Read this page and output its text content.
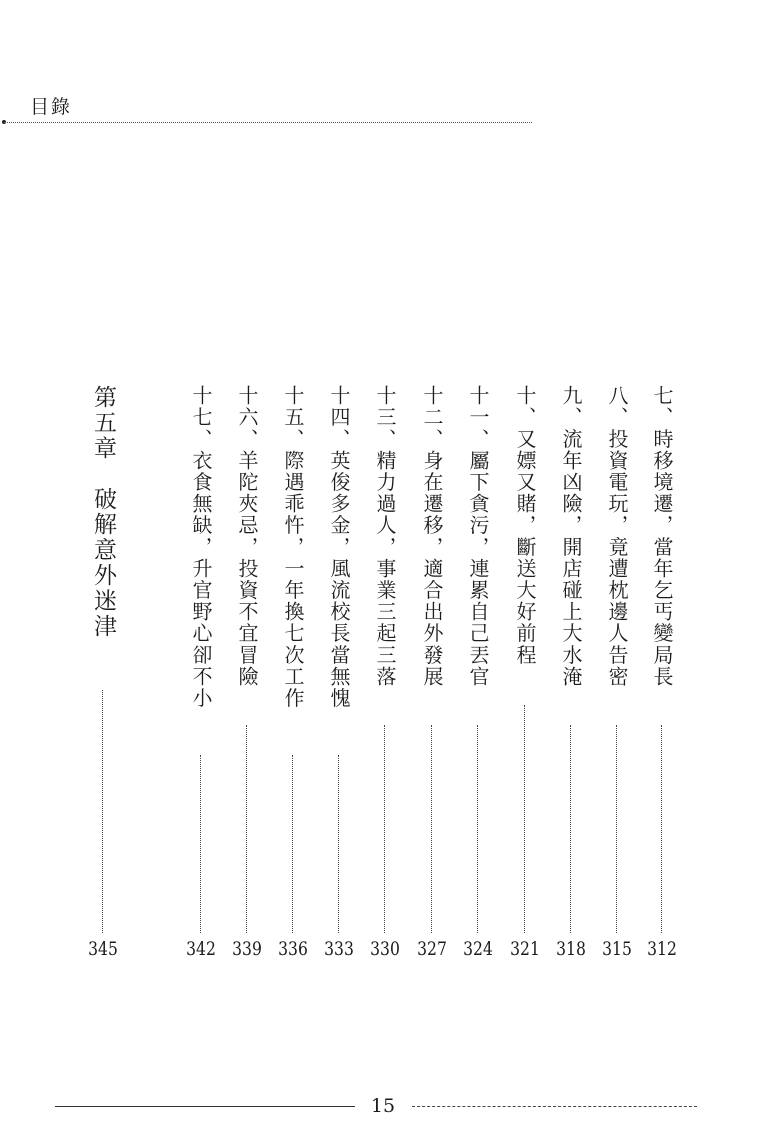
目錄
七、時移境遷，當年乞丐變局長
312
八、投資電玩，竟遭枕邊人告密
315
九、流年凶險，開店碰上大水淹
318
十、又嫖又賭，斷送大好前程
321
十一、屬下貪污，連累自己丟官
324
十二、身在遷移，適合出外發展
327
十三、精力過人，事業三起三落
330
十四、英俊多金，風流校長當無愧
333
十五、際遇乖忤，一年換七次工作
336
十六、羊陀夾忌，投資不宜冒險
339
十七、衣食無缺，升官野心卻不小
342
第五章　破解意外迷津
345
15
